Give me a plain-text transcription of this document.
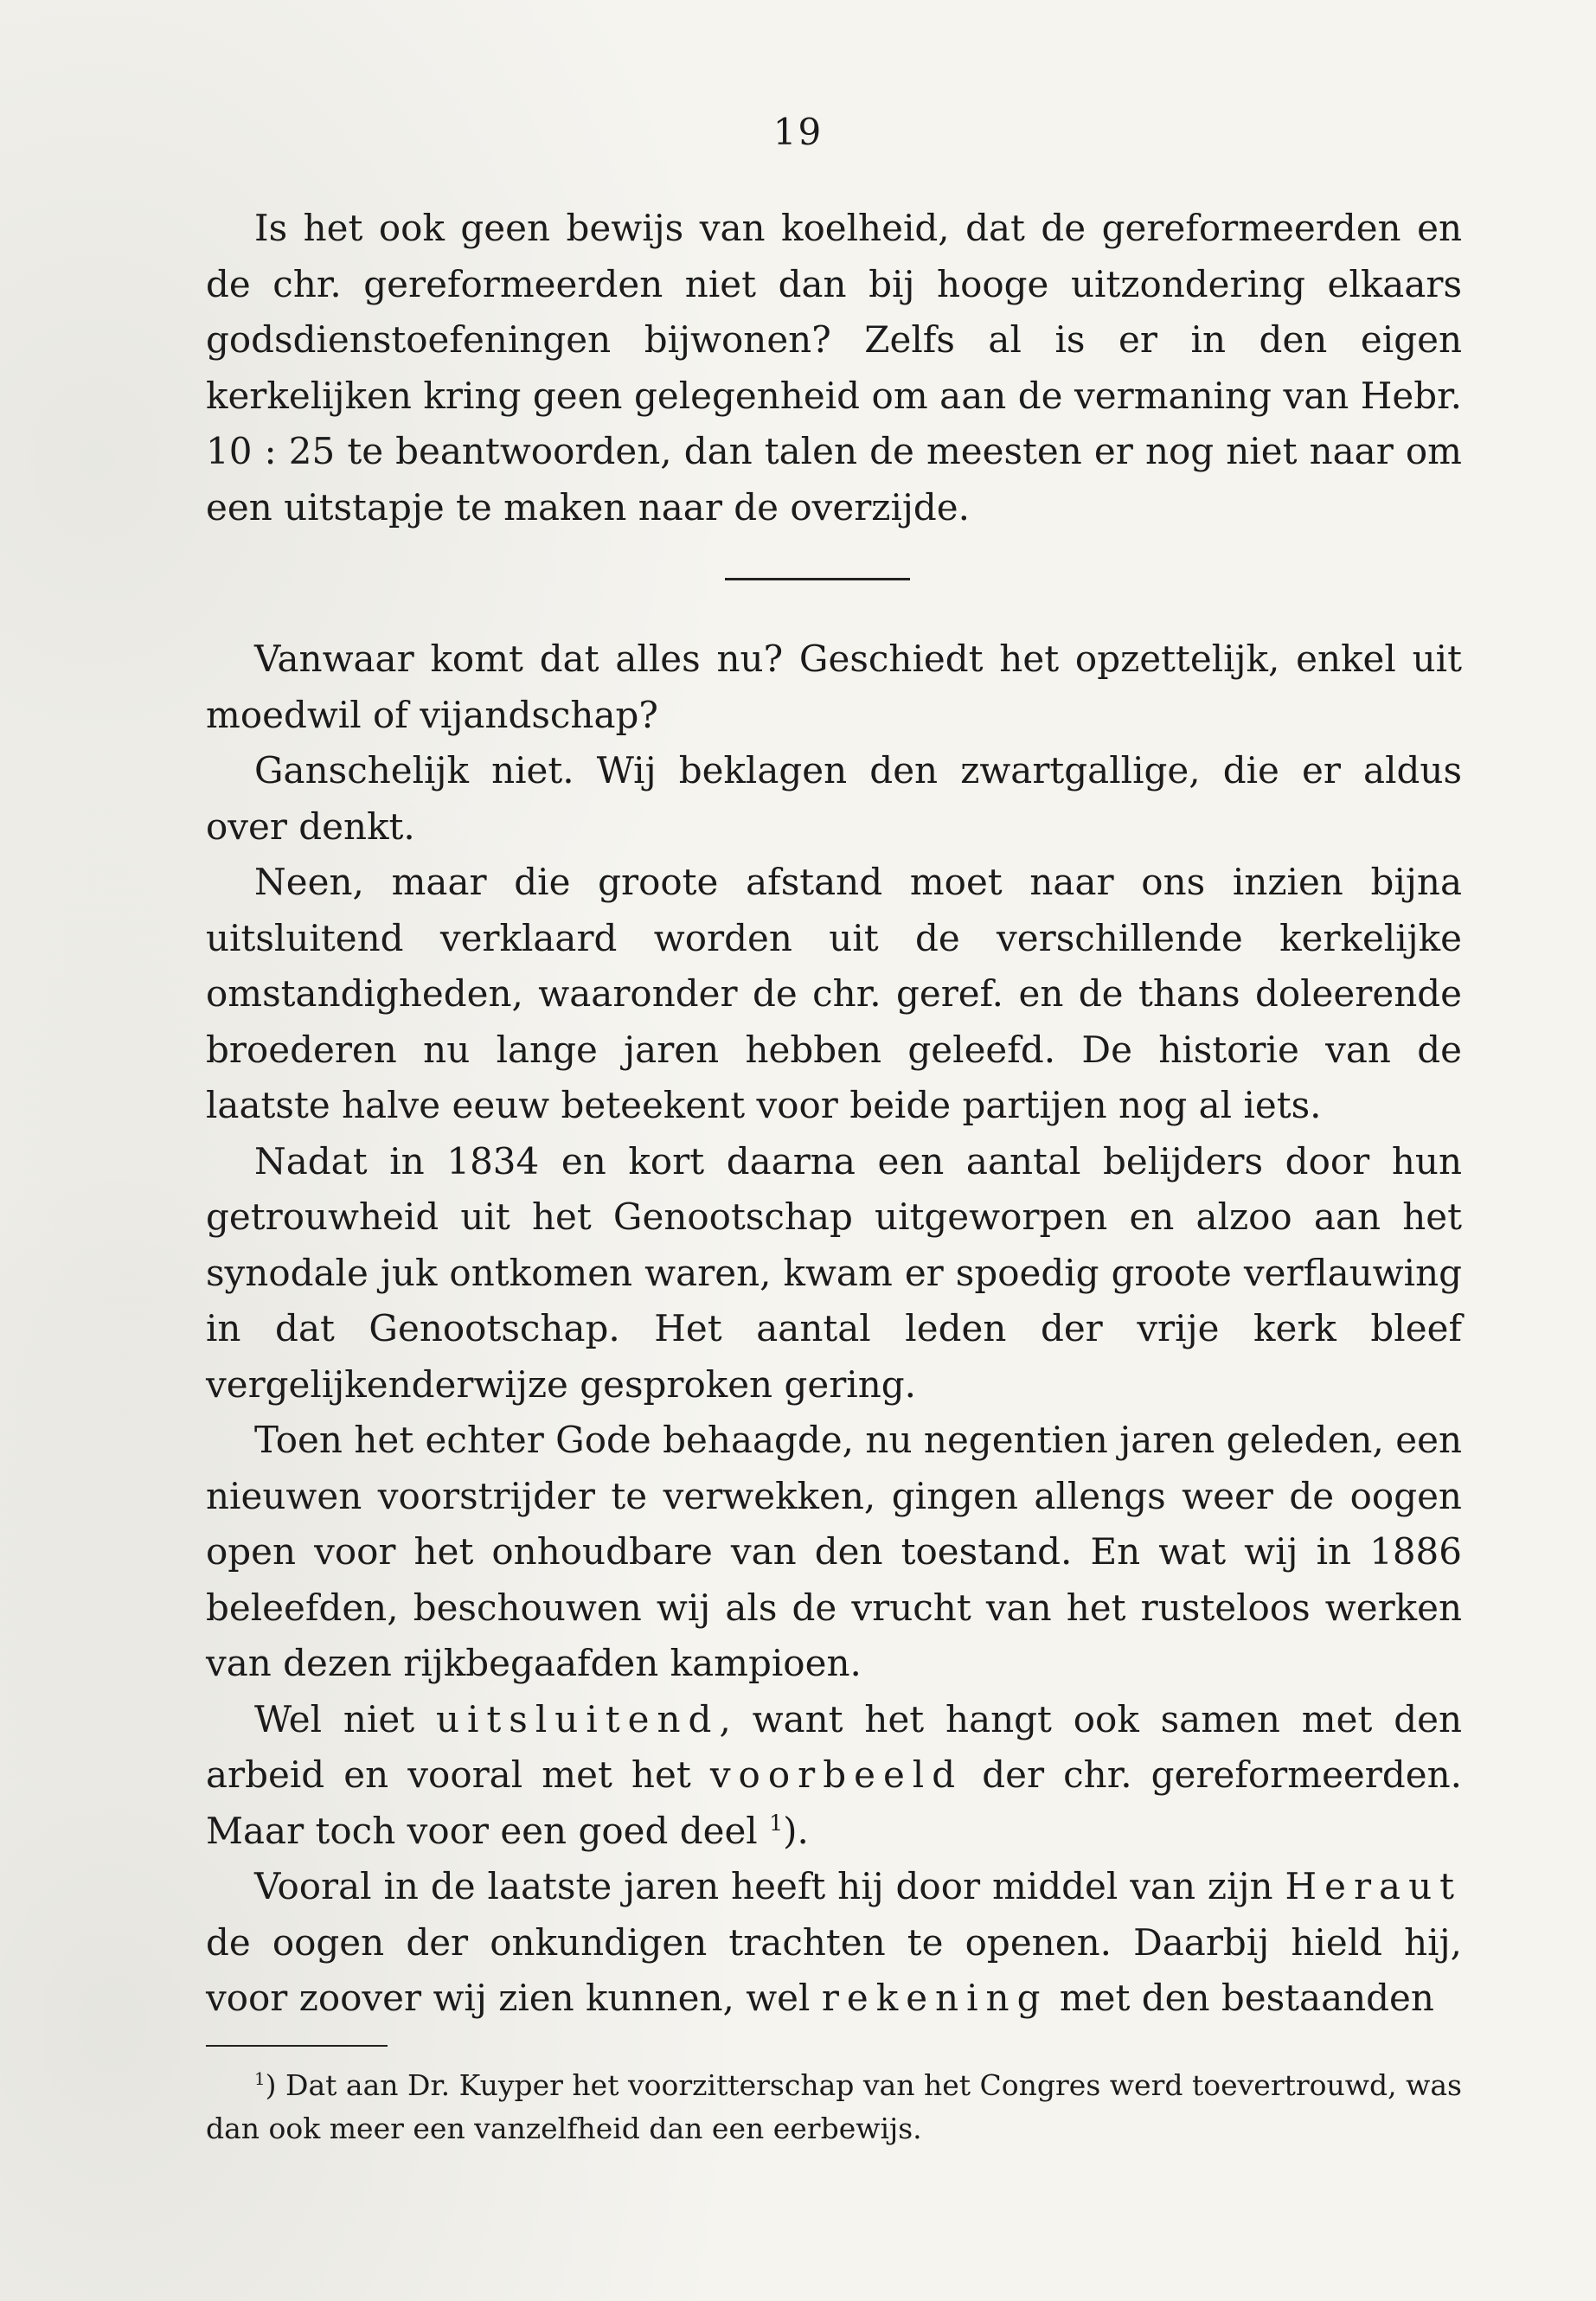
19

Is het ook geen bewijs van koelheid, dat de gereformeerden en de chr. gereformeerden niet dan bij hooge uitzondering elkaars godsdienstoefeningen bijwonen? Zelfs al is er in den eigen kerkelijken kring geen gelegenheid om aan de vermaning van Hebr. 10 : 25 te beantwoorden, dan talen de meesten er nog niet naar om een uitstapje te maken naar de overzijde.

Vanwaar komt dat alles nu? Geschiedt het opzettelijk, enkel uit moedwil of vijandschap?

Ganschelijk niet. Wij beklagen den zwartgallige, die er aldus over denkt.

Neen, maar die groote afstand moet naar ons inzien bijna uitsluitend verklaard worden uit de verschillende kerkelijke omstandigheden, waaronder de chr. geref. en de thans doleerende broederen nu lange jaren hebben geleefd. De historie van de laatste halve eeuw beteekent voor beide partijen nog al iets.

Nadat in 1834 en kort daarna een aantal belijders door hun getrouwheid uit het Genootschap uitgeworpen en alzoo aan het synodale juk ontkomen waren, kwam er spoedig groote verflauwing in dat Genootschap. Het aantal leden der vrije kerk bleef vergelijkenderwijze gesproken gering.

Toen het echter Gode behaagde, nu negentien jaren geleden, een nieuwen voorstrijder te verwekken, gingen allengs weer de oogen open voor het onhoudbare van den toestand. En wat wij in 1886 beleefden, beschouwen wij als de vrucht van het rusteloos werken van dezen rijkbegaafden kampioen.

Wel niet uitsluitend, want het hangt ook samen met den arbeid en vooral met het voorbeeld der chr. gereformeerden. Maar toch voor een goed deel $^1$).

Vooral in de laatste jaren heeft hij door middel van zijn Heraut de oogen der onkundigen trachten te openen. Daarbij hield hij, voor zoover wij zien kunnen, wel rekening met den bestaanden

$^1$) Dat aan Dr. Kuyper het voorzitterschap van het Congres werd toevertrouwd, was dan ook meer een vanzelfheid dan een eerbewijs.
